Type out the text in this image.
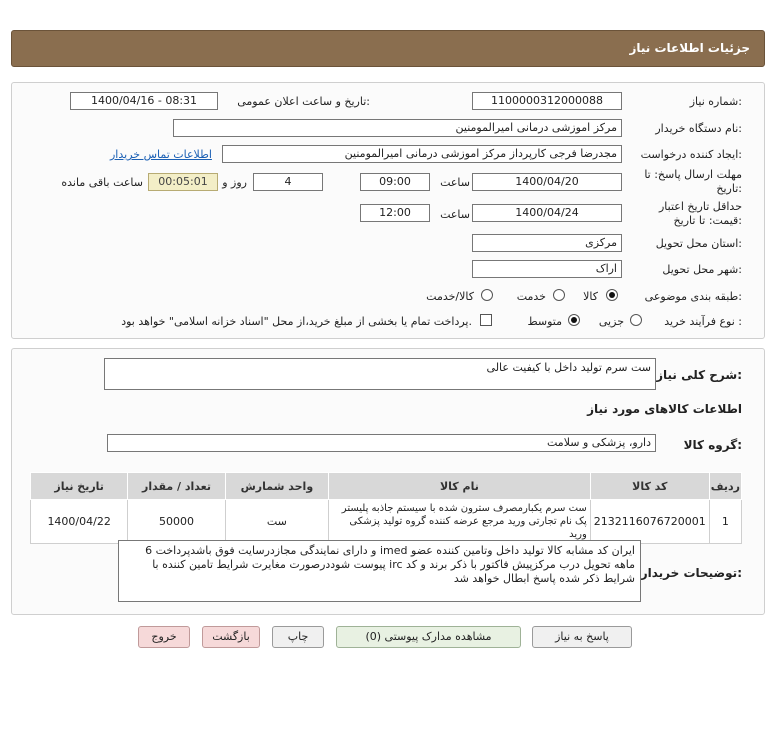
جزئیات اطلاعات نیاز
شماره نیاز:
1100000312000088
تاریخ و ساعت اعلان عمومی:
1400/04/16 - 08:31
نام دستگاه خریدار:
مرکز اموزشی درمانی امیرالمومنین
ایجاد کننده درخواست:
مجدرضا فرجی کارپرداز مرکز اموزشی درمانی امیرالمومنین
اطلاعات تماس خریدار
مهلت ارسال پاسخ: تا تاریخ:
1400/04/20
ساعت
09:00
4
روز و
00:05:01
ساعت باقی مانده
حداقل تاریخ اعتبار قیمت: تا تاریخ:
1400/04/24
ساعت
12:00
استان محل تحویل:
مرکزی
شهر محل تحویل:
اراک
طبقه بندی موضوعی:
کالا
خدمت
کالا/خدمت
نوع فرآیند خرید :
جزیی
متوسط
پرداخت تمام یا بخشی از مبلغ خرید،از محل "اسناد خزانه اسلامی" خواهد بود.
شرح کلی نیاز:
ست سرم تولید داخل با کیفیت عالی
اطلاعات کالاهای مورد نیاز
گروه کالا:
دارو، پزشکی و سلامت
ردیف	کد کالا	نام کالا	واحد شمارش	تعداد / مقدار	تاریخ نیاز
1	2132116076720001	ست سرم یکبارمصرف سترون شده با سیستم جاذبه پلیستر پک نام تجارتی ورید مرجع عرضه کننده گروه تولید پزشکی ورید	ست	50000	1400/04/22
توضیحات خریدار:
ایران کد مشابه کالا تولید داخل وتامین کننده عضو imed و دارای نمایندگی مجازدرسایت فوق باشدپرداخت 6 ماهه تحویل درب مرکزپیش فاکتور با ذکر برند و کد irc پیوست شوددرصورت مغایرت شرایط تامین کننده با شرایط ذکر شده پاسخ ابطال خواهد شد
پاسخ به نیاز
مشاهده مدارک پیوستی (0)
چاپ
بازگشت
خروج
